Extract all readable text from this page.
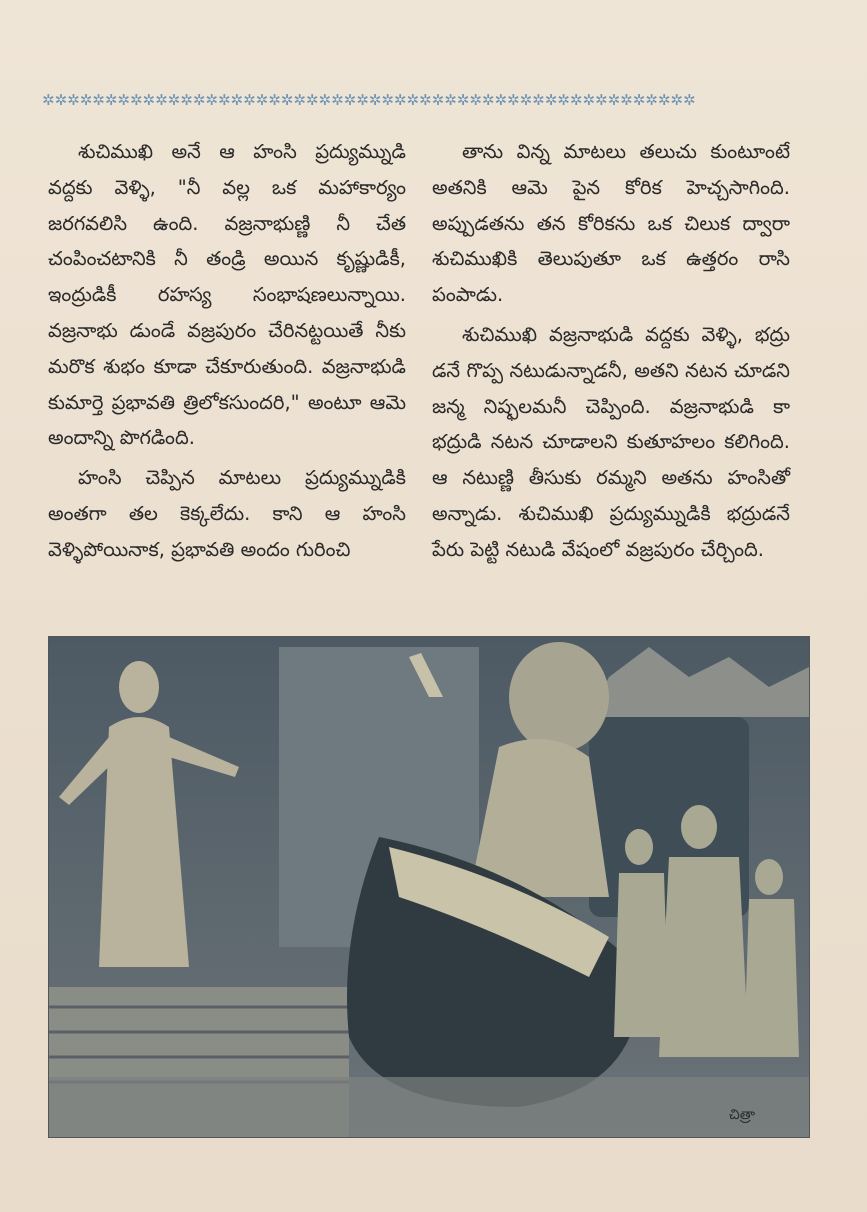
✲✲✲✲✲✲✲✲✲✲✲✲✲✲✲✲✲✲✲✲✲✲✲✲✲✲✲✲✲✲✲✲✲✲✲✲✲✲✲✲✲✲✲✲✲✲✲✲✲✲✲✲

శుచిముఖి అనే ఆ హంసి ప్రద్యుమ్నుడి వద్దకు వెళ్ళి, "నీ వల్ల ఒక మహాకార్యం జరగవలిసి ఉంది. వజ్రనాభుణ్ణి నీ చేత చంపించటానికి నీ తండ్రి అయిన కృష్ణుడికీ, ఇంద్రుడికీ రహస్య సంభాషణలున్నాయి. వజ్రనాభు డుండే వజ్రపురం చేరినట్టయితే నీకు మరొక శుభం కూడా చేకూరుతుంది. వజ్రనాభుడి కుమార్తె ప్రభావతి త్రిలోకసుందరి," అంటూ ఆమె అందాన్ని పొగడింది.

హంసి చెప్పిన మాటలు ప్రద్యుమ్నుడికి అంతగా తల కెక్కలేదు. కాని ఆ హంసి వెళ్ళిపోయినాక, ప్రభావతి అందం గురించి

తాను విన్న మాటలు తలుచు కుంటూంటే అతనికి ఆమె పైన కోరిక హెచ్చసాగింది. అప్పుడతను తన కోరికను ఒక చిలుక ద్వారా శుచిముఖికి తెలుపుతూ ఒక ఉత్తరం రాసి పంపాడు.

శుచిముఖి వజ్రనాభుడి వద్దకు వెళ్ళి, భద్రు డనే గొప్ప నటుడున్నాడనీ, అతని నటన చూడని జన్మ నిష్ఫలమనీ చెప్పింది. వజ్రనాభుడి కా భద్రుడి నటన చూడాలని కుతూహలం కలిగింది. ఆ నటుణ్ణి తీసుకు రమ్మని అతను హంసితో అన్నాడు. శుచిముఖి ప్రద్యుమ్నుడికి భద్రుడనే పేరు పెట్టి నటుడి వేషంలో వజ్రపురం చేర్చింది.

చిత్రా
